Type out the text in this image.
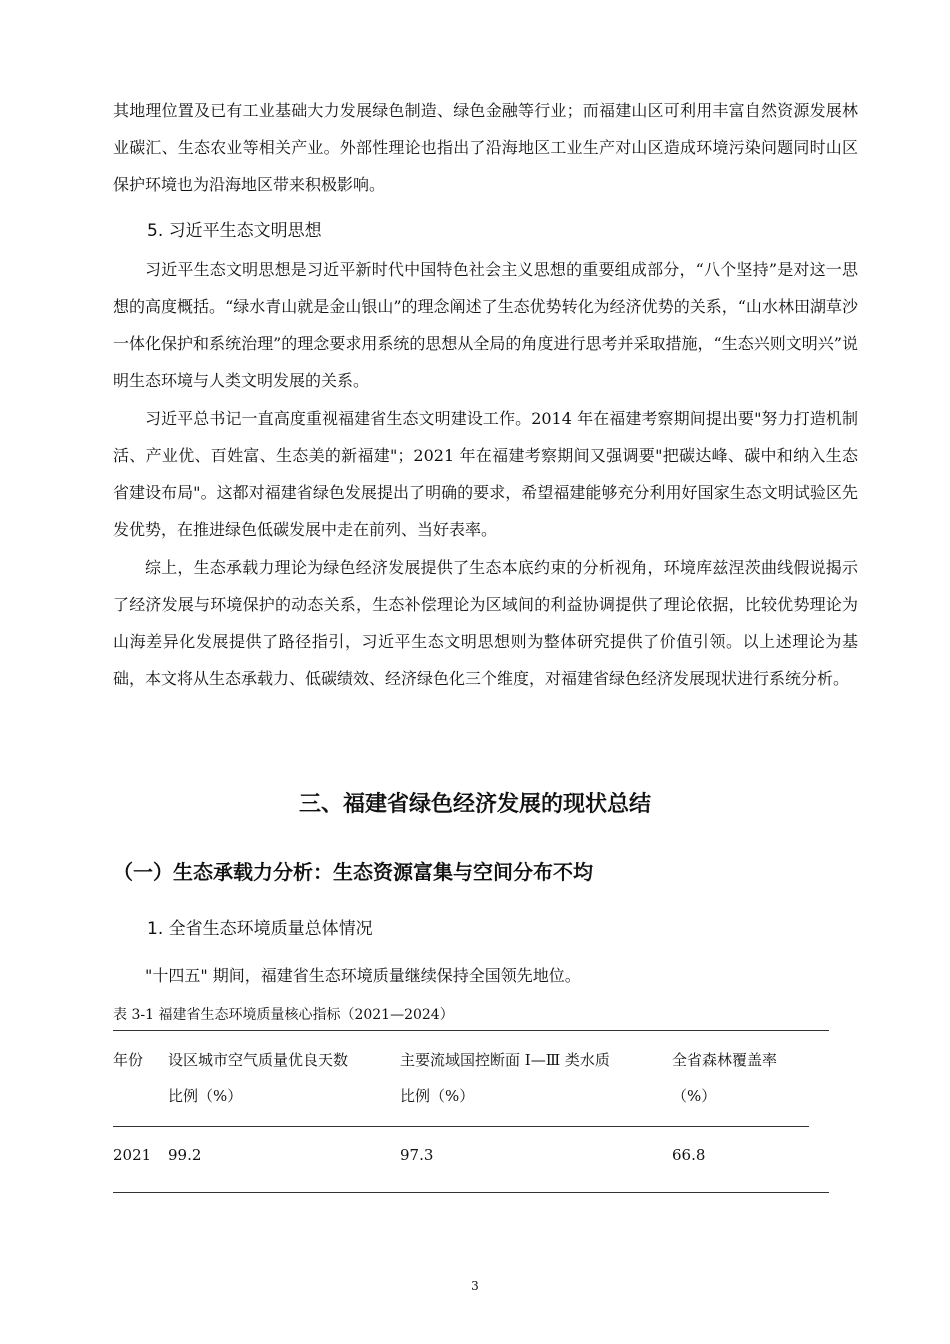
其地理位置及已有工业基础大力发展绿色制造、绿色金融等行业；而福建山区可利用丰富自然资源发展林业碳汇、生态农业等相关产业。外部性理论也指出了沿海地区工业生产对山区造成环境污染问题同时山区保护环境也为沿海地区带来积极影响。
5. 习近平生态文明思想
习近平生态文明思想是习近平新时代中国特色社会主义思想的重要组成部分，“八个坚持”是对这一思想的高度概括。“绿水青山就是金山银山”的理念阐述了生态优势转化为经济优势的关系，“山水林田湖草沙一体化保护和系统治理”的理念要求用系统的思想从全局的角度进行思考并采取措施，“生态兴则文明兴”说明生态环境与人类文明发展的关系。
习近平总书记一直高度重视福建省生态文明建设工作。2014 年在福建考察期间提出要"努力打造机制活、产业优、百姓富、生态美的新福建"；2021 年在福建考察期间又强调要"把碳达峰、碳中和纳入生态省建设布局"。这都对福建省绿色发展提出了明确的要求，希望福建能够充分利用好国家生态文明试验区先发优势，在推进绿色低碳发展中走在前列、当好表率。
综上，生态承载力理论为绿色经济发展提供了生态本底约束的分析视角，环境库兹涅茨曲线假说揭示了经济发展与环境保护的动态关系，生态补偿理论为区域间的利益协调提供了理论依据，比较优势理论为山海差异化发展提供了路径指引，习近平生态文明思想则为整体研究提供了价值引领。以上述理论为基础，本文将从生态承载力、低碳绩效、经济绿色化三个维度，对福建省绿色经济发展现状进行系统分析。
三、福建省绿色经济发展的现状总结
（一）生态承载力分析：生态资源富集与空间分布不均
1. 全省生态环境质量总体情况
"十四五" 期间，福建省生态环境质量继续保持全国领先地位。
表 3-1 福建省生态环境质量核心指标（2021—2024）
年份 设区城市空气质量优良天数
比例（%）
主要流域国控断面 Ⅰ—Ⅲ 类水质
比例（%）
全省森林覆盖率
（%）
2021 99.2	97.3	66.8
3
